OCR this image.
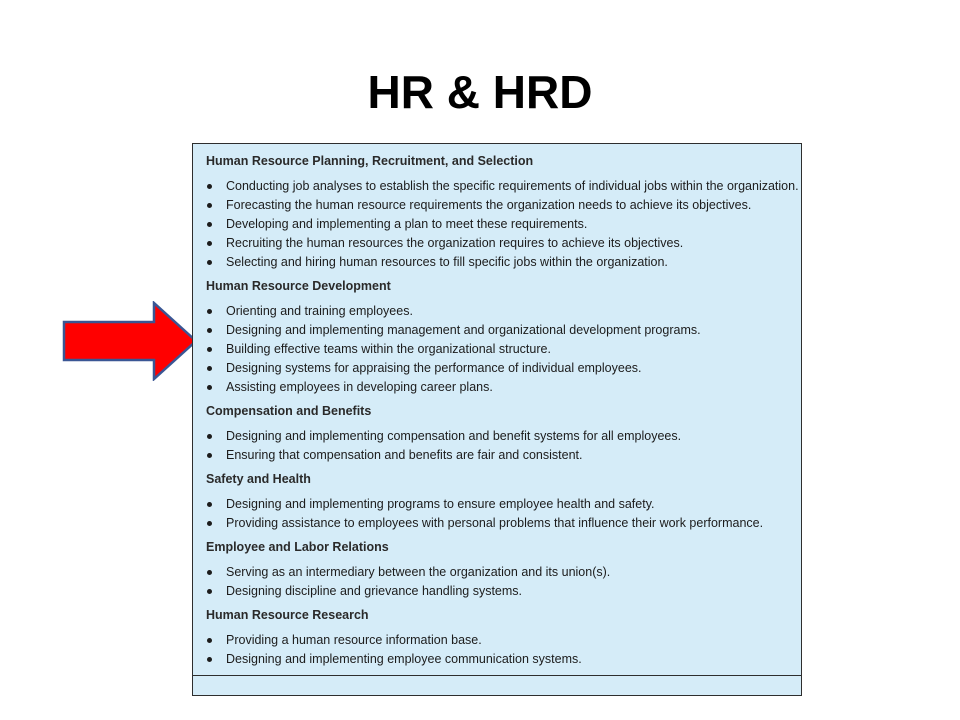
HR & HRD
Human Resource Planning, Recruitment, and Selection
Conducting job analyses to establish the specific requirements of individual jobs within the organization.
Forecasting the human resource requirements the organization needs to achieve its objectives.
Developing and implementing a plan to meet these requirements.
Recruiting the human resources the organization requires to achieve its objectives.
Selecting and hiring human resources to fill specific jobs within the organization.
Human Resource Development
Orienting and training employees.
Designing and implementing management and organizational development programs.
Building effective teams within the organizational structure.
Designing systems for appraising the performance of individual employees.
Assisting employees in developing career plans.
Compensation and Benefits
Designing and implementing compensation and benefit systems for all employees.
Ensuring that compensation and benefits are fair and consistent.
Safety and Health
Designing and implementing programs to ensure employee health and safety.
Providing assistance to employees with personal problems that influence their work performance.
Employee and Labor Relations
Serving as an intermediary between the organization and its union(s).
Designing discipline and grievance handling systems.
Human Resource Research
Providing a human resource information base.
Designing and implementing employee communication systems.
